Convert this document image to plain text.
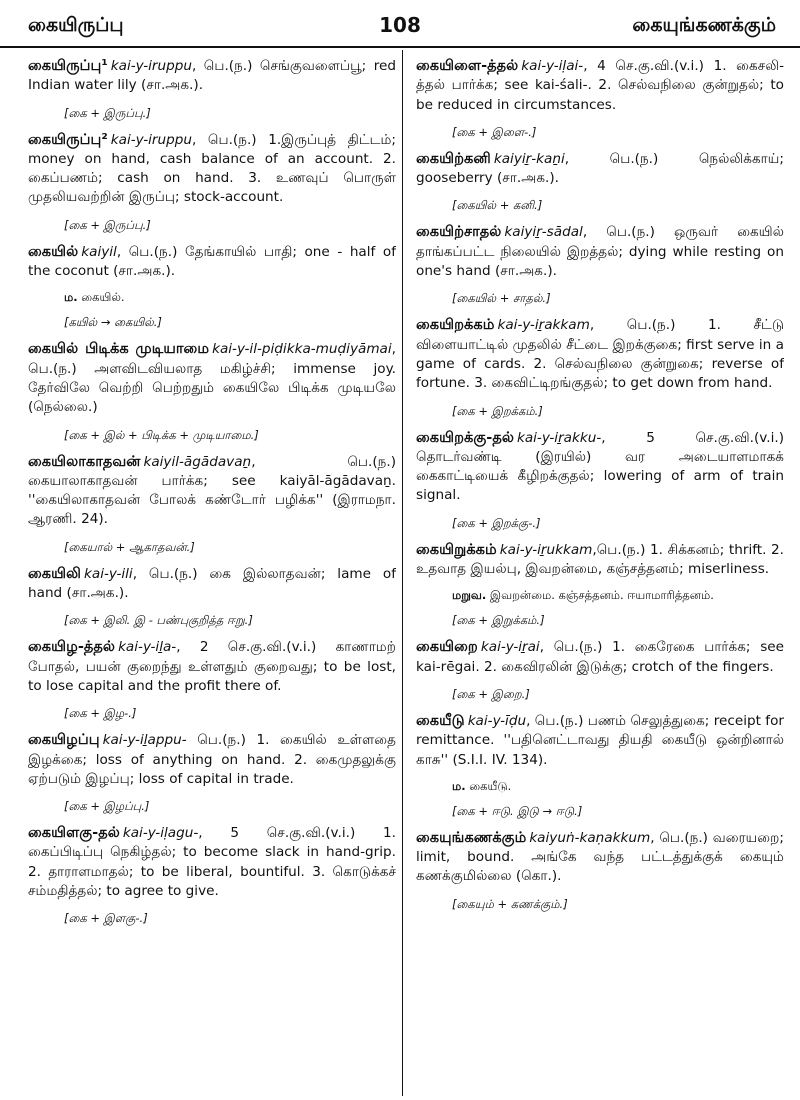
கையிருப்பு	108	கையுங்கணக்கும்

கையிருப்பு¹ kai-y-iruppu, பெ.(ந.) செங்குவளைப்பூ; red Indian water lily (சா.அக.).

[கை + இருப்பு.]

கையிருப்பு² kai-y-iruppu, பெ.(ந.) 1.இருப்புத் திட்டம்; money on hand, cash balance of an account. 2. கைப்பணம்; cash on hand. 3. உணவுப் பொருள் முதலியவற்றின் இருப்பு; stock-account.

[கை + இருப்பு.]

கையில் kaiyil, பெ.(ந.) தேங்காயில் பாதி; one - half of the coconut (சா.அக.).

ம. கையில்.
[கயில் → கையில்.]

கையில் பிடிக்க முடியாமை kai-y-il-piḍikka-muḍiyāmai, பெ.(ந.) அளவிடவியலாத மகிழ்ச்சி; immense joy. தேர்விலே வெற்றி பெற்றதும் கையிலே பிடிக்க முடியலே (நெல்லை.)

[கை + இல் + பிடிக்க + முடியாமை.]

கையிலாகாதவன் kaiyil-āgādavaṉ, பெ.(ந.) கையாலாகாதவன் பார்க்க; see kaiyāl-āgādavaṉ. ''கையிலாகாதவன் போலக் கண்டோர் பழிக்க'' (இராமநா. ஆரணி. 24).

[கையால் + ஆகாதவன்.]

கையிலி kai-y-ili, பெ.(ந.) கை இல்லாதவன்; lame of hand (சா.அக.).

[கை + இலி. இ - பண்புகுறித்த ஈறு.]

கையிழ-த்தல் kai-y-iḻa-, 2 செ.கு.வி.(v.i.) காணாமற் போதல், பயன் குறைந்து உள்ளதும் குறைவது; to be lost, to lose capital and the profit there of.

[கை + இழ-.]

கையிழப்பு kai-y-iḻappu- பெ.(ந.) 1. கையில் உள்ளதை இழக்கை; loss of anything on hand. 2. கைமுதலுக்கு ஏற்படும் இழப்பு; loss of capital in trade.

[கை + இழப்பு.]

கையிளகு-தல் kai-y-iḷagu-, 5 செ.கு.வி.(v.i.) 1. கைப்பிடிப்பு நெகிழ்தல்; to become slack in hand-grip. 2. தாராளமாதல்; to be liberal, bountiful. 3. கொடுக்கச் சம்மதித்தல்; to agree to give.

[கை + இளகு-.]

கையிளை-த்தல் kai-y-iḷai-, 4 செ.கு.வி.(v.i.) 1. கைசலி-த்தல் பார்க்க; see kai-śali-. 2. செல்வநிலை குன்றுதல்; to be reduced in circumstances.

[கை + இளை-.]

கையிற்கனி kaiyiṟ-kaṉi, பெ.(ந.) நெல்லிக்காய்; gooseberry (சா.அக.).

[கையில் + கனி.]

கையிற்சாதல் kaiyiṟ-sādal, பெ.(ந.) ஒருவர் கையில் தாங்கப்பட்ட நிலையில் இறத்தல்; dying while resting on one's hand (சா.அக.).

[கையில் + சாதல்.]

கையிறக்கம் kai-y-iṟakkam, பெ.(ந.) 1. சீட்டு விளையாட்டில் முதலில் சீட்டை இறக்குகை; first serve in a game of cards. 2. செல்வநிலை குன்றுகை; reverse of fortune. 3. கைவிட்டிறங்குதல்; to get down from hand.

[கை + இறக்கம்.]

கையிறக்கு-தல் kai-y-iṟakku-, 5 செ.கு.வி.(v.i.) தொடர்வண்டி (இரயில்) வர அடையாளமாகக் கைகாட்டியைக் கீழிறக்குதல்; lowering of arm of train signal.

[கை + இறக்கு-.]

கையிறுக்கம் kai-y-iṟukkam,பெ.(ந.) 1. சிக்கனம்; thrift. 2. உதவாத இயல்பு, இவறன்மை, கஞ்சத்தனம்; miserliness.

மறுவ. இவறன்மை. கஞ்சத்தனம். ஈயாமாரித்தனம்.
[கை + இறுக்கம்.]

கையிறை kai-y-iṟai, பெ.(ந.) 1. கைரேகை பார்க்க; see kai-rēgai. 2. கைவிரலின் இடுக்கு; crotch of the fingers.

[கை + இறை.]

கையீடு kai-y-īḍu, பெ.(ந.) பணம் செலுத்துகை; receipt for remittance. ''பதினெட்டாவது தியதி கையீடு ஒன்றினால் காசு'' (S.I.I. IV. 134).

ம. கையீடு.
[கை + ஈடு. இடு → ஈடு.]

கையுங்கணக்கும் kaiyuṅ-kaṇakkum, பெ.(ந.) வரையறை; limit, bound. அங்கே வந்த பட்டத்துக்குக் கையும் கணக்குமில்லை (கொ.).

[கையும் + கணக்கும்.]
